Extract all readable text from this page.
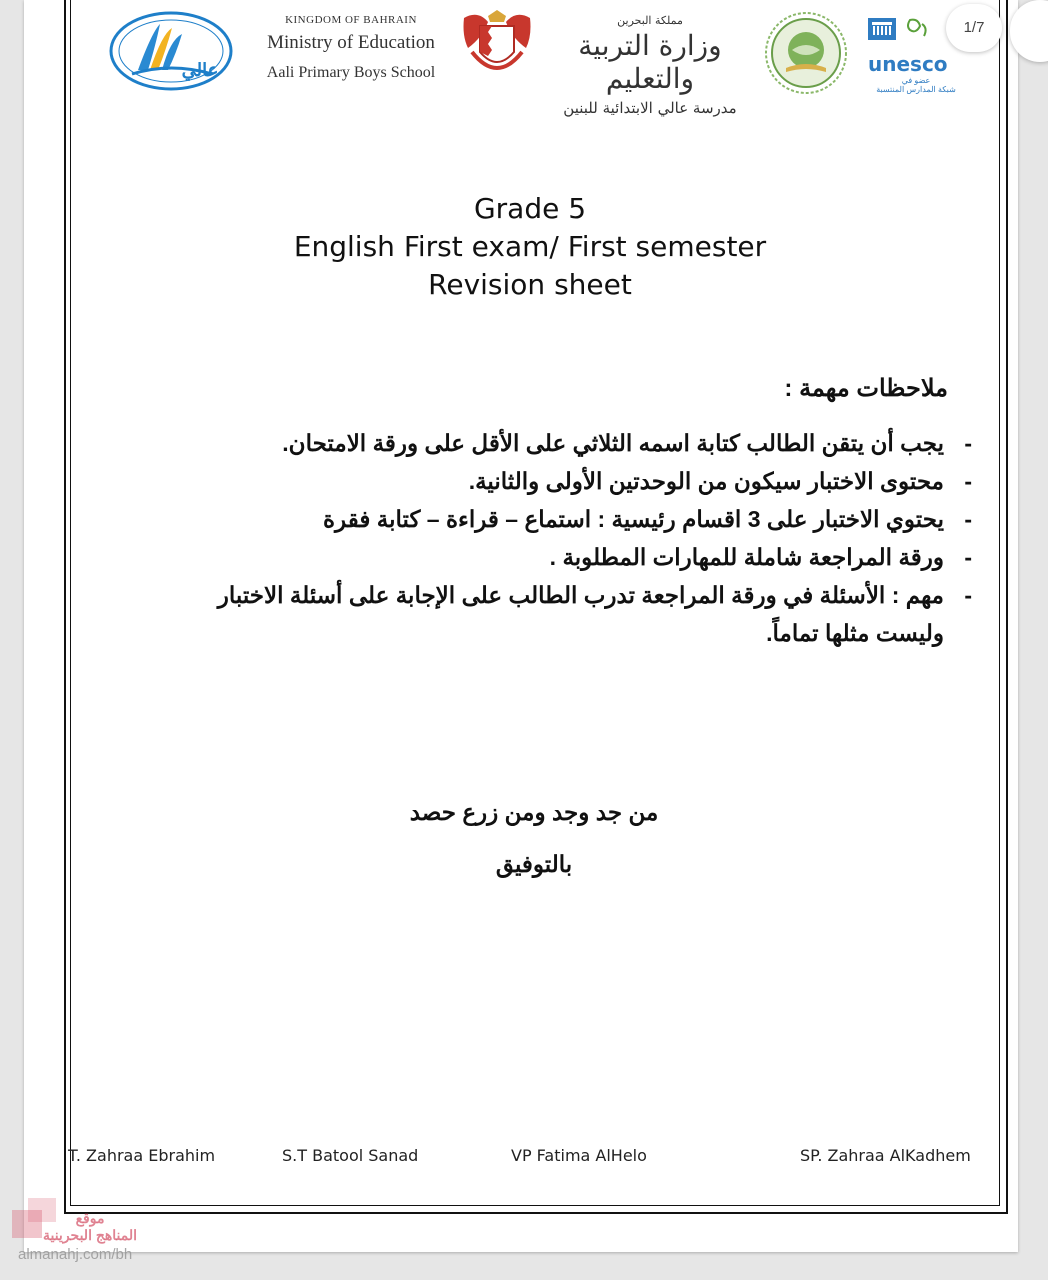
عالي
KINGDOM OF BAHRAIN
Ministry of Education
Aali Primary Boys School
مملكة البحرين
وزارة التربية والتعليم
مدرسة عالي الابتدائية للبنين
unesco
عضو في
شبكة المدارس المنتسبة
Grade 5
English First exam/ First semester
Revision sheet
ملاحظات مهمة :
-
يجب أن يتقن الطالب كتابة اسمه الثلاثي على الأقل على ورقة الامتحان.
-
محتوى الاختبار سيكون من الوحدتين الأولى والثانية.
-
يحتوي الاختبار على 3 اقسام رئيسية : استماع – قراءة – كتابة فقرة
-
ورقة المراجعة شاملة للمهارات المطلوبة .
-
مهم : الأسئلة في ورقة المراجعة تدرب الطالب على الإجابة على أسئلة الاختبار وليست مثلها تماماً.
من جد وجد ومن زرع حصد
بالتوفيق
T. Zahraa Ebrahim	S.T Batool Sanad	VP Fatima AlHelo	SP. Zahraa AlKadhem
1/7
موقع
المناهج البحرينية
almanahj.com/bh
